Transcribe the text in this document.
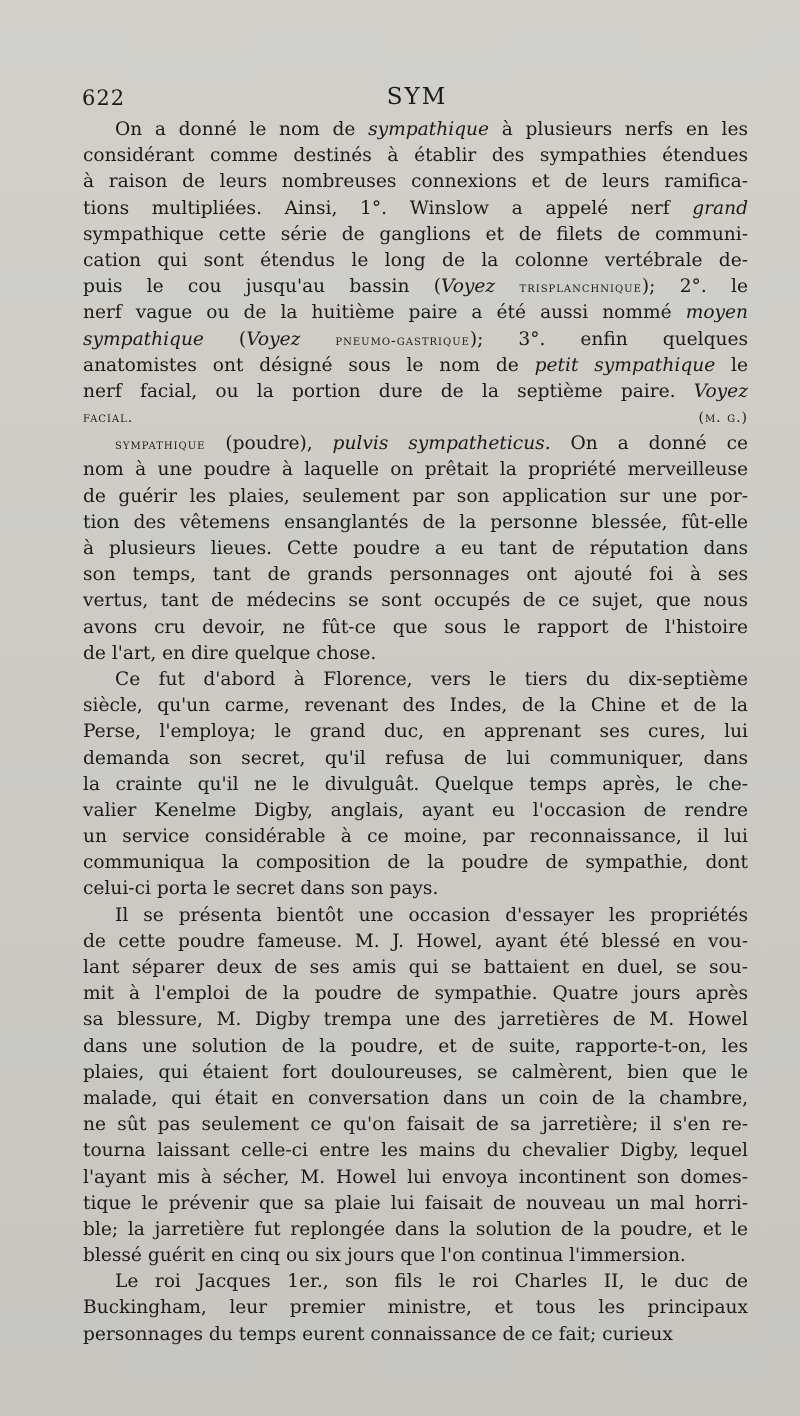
622	SYM
On a donné le nom de sympathique à plusieurs nerfs en les
considérant comme destinés à établir des sympathies étendues
à raison de leurs nombreuses connexions et de leurs ramifica-
tions multipliées. Ainsi, 1°. Winslow a appelé nerf grand
sympathique cette série de ganglions et de filets de communi-
cation qui sont étendus le long de la colonne vertébrale de-
puis le cou jusqu'au bassin (Voyez trisplanchnique); 2°. le
nerf vague ou de la huitième paire a été aussi nommé moyen
sympathique (Voyez pneumo-gastrique); 3°. enfin quelques
anatomistes ont désigné sous le nom de petit sympathique le
nerf facial, ou la portion dure de la septième paire. Voyez
facial.	(m. g.)
sympathique (poudre), pulvis sympatheticus. On a donné ce
nom à une poudre à laquelle on prêtait la propriété merveilleuse
de guérir les plaies, seulement par son application sur une por-
tion des vêtemens ensanglantés de la personne blessée, fût-elle
à plusieurs lieues. Cette poudre a eu tant de réputation dans
son temps, tant de grands personnages ont ajouté foi à ses
vertus, tant de médecins se sont occupés de ce sujet, que nous
avons cru devoir, ne fût-ce que sous le rapport de l'histoire
de l'art, en dire quelque chose.
Ce fut d'abord à Florence, vers le tiers du dix-septième
siècle, qu'un carme, revenant des Indes, de la Chine et de la
Perse, l'employa; le grand duc, en apprenant ses cures, lui
demanda son secret, qu'il refusa de lui communiquer, dans
la crainte qu'il ne le divulguât. Quelque temps après, le che-
valier Kenelme Digby, anglais, ayant eu l'occasion de rendre
un service considérable à ce moine, par reconnaissance, il lui
communiqua la composition de la poudre de sympathie, dont
celui-ci porta le secret dans son pays.
Il se présenta bientôt une occasion d'essayer les propriétés
de cette poudre fameuse. M. J. Howel, ayant été blessé en vou-
lant séparer deux de ses amis qui se battaient en duel, se sou-
mit à l'emploi de la poudre de sympathie. Quatre jours après
sa blessure, M. Digby trempa une des jarretières de M. Howel
dans une solution de la poudre, et de suite, rapporte-t-on, les
plaies, qui étaient fort douloureuses, se calmèrent, bien que le
malade, qui était en conversation dans un coin de la chambre,
ne sût pas seulement ce qu'on faisait de sa jarretière; il s'en re-
tourna laissant celle-ci entre les mains du chevalier Digby, lequel
l'ayant mis à sécher, M. Howel lui envoya incontinent son domes-
tique le prévenir que sa plaie lui faisait de nouveau un mal horri-
ble; la jarretière fut replongée dans la solution de la poudre, et le
blessé guérit en cinq ou six jours que l'on continua l'immersion.
Le roi Jacques 1er., son fils le roi Charles II, le duc de
Buckingham, leur premier ministre, et tous les principaux
personnages du temps eurent connaissance de ce fait; curieux
